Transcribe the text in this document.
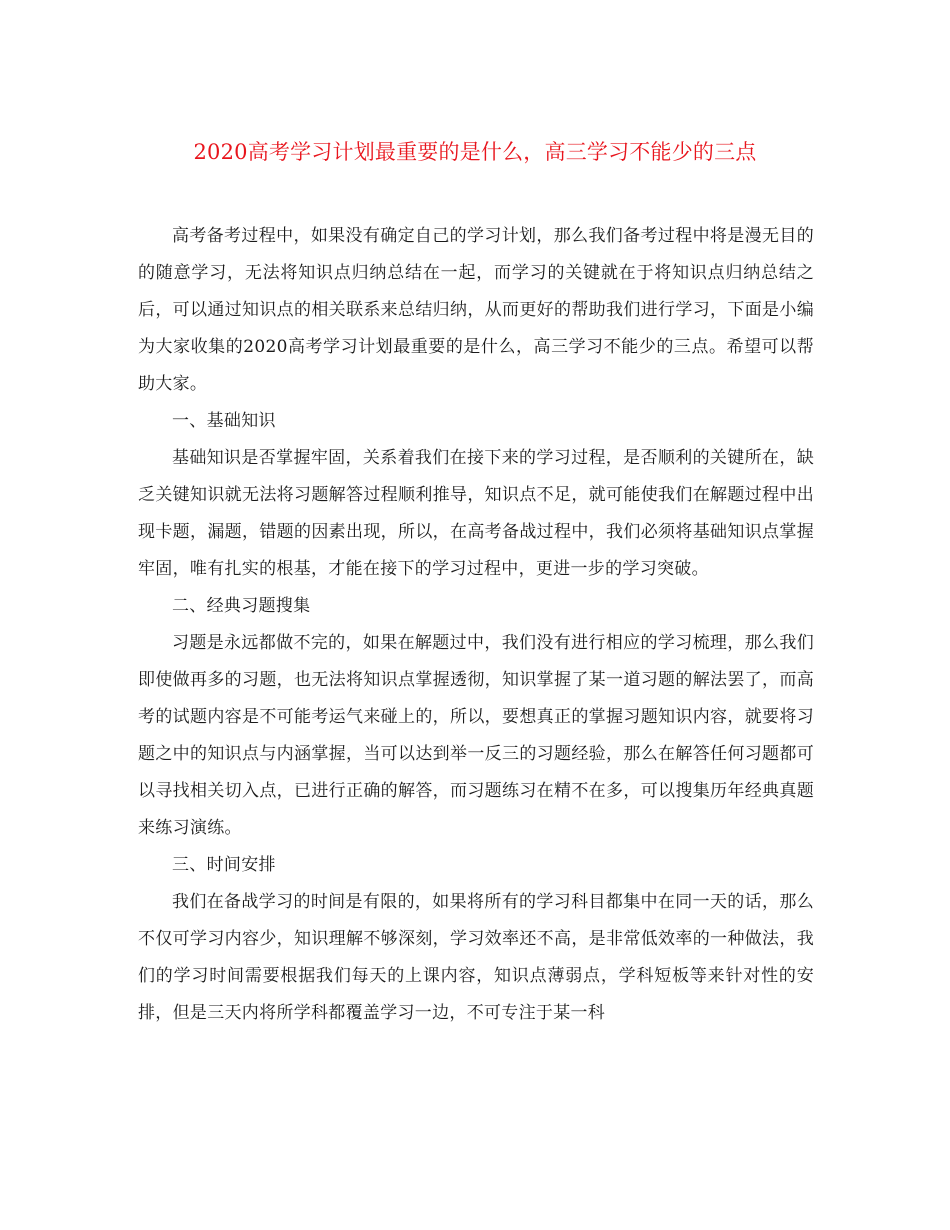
2020高考学习计划最重要的是什么，高三学习不能少的三点

高考备考过程中，如果没有确定自己的学习计划，那么我们备考过程中将是漫无目的的随意学习，无法将知识点归纳总结在一起，而学习的关键就在于将知识点归纳总结之后，可以通过知识点的相关联系来总结归纳，从而更好的帮助我们进行学习，下面是小编为大家收集的2020高考学习计划最重要的是什么，高三学习不能少的三点。希望可以帮助大家。

一、基础知识

基础知识是否掌握牢固，关系着我们在接下来的学习过程，是否顺利的关键所在，缺乏关键知识就无法将习题解答过程顺利推导，知识点不足，就可能使我们在解题过程中出现卡题，漏题，错题的因素出现，所以，在高考备战过程中，我们必须将基础知识点掌握牢固，唯有扎实的根基，才能在接下的学习过程中，更进一步的学习突破。

二、经典习题搜集

习题是永远都做不完的，如果在解题过中，我们没有进行相应的学习梳理，那么我们即使做再多的习题，也无法将知识点掌握透彻，知识掌握了某一道习题的解法罢了，而高考的试题内容是不可能考运气来碰上的，所以，要想真正的掌握习题知识内容，就要将习题之中的知识点与内涵掌握，当可以达到举一反三的习题经验，那么在解答任何习题都可以寻找相关切入点，已进行正确的解答，而习题练习在精不在多，可以搜集历年经典真题来练习演练。

三、时间安排

我们在备战学习的时间是有限的，如果将所有的学习科目都集中在同一天的话，那么不仅可学习内容少，知识理解不够深刻，学习效率还不高，是非常低效率的一种做法，我们的学习时间需要根据我们每天的上课内容，知识点薄弱点，学科短板等来针对性的安排，但是三天内将所学科都覆盖学习一边，不可专注于某一科
